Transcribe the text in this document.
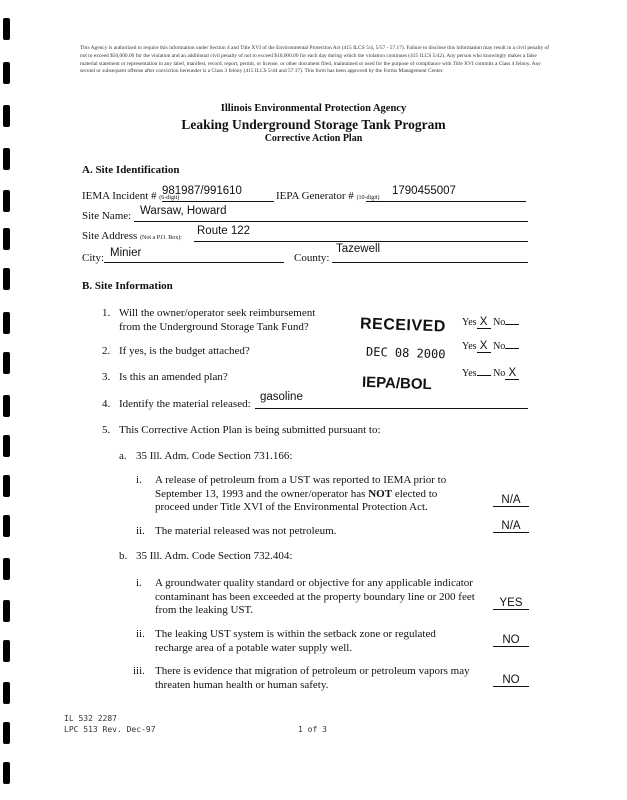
This Agency is authorized to require this information under Section 4 and Title XVI of the Environmental Protection Act (415 ILCS 5/4, 5/57 - 57.17). Failure to disclose this information may result in a civil penalty of not to exceed $50,000.00 for the violation and an additional civil penalty of not to exceed $10,000.00 for each day during which the violation continues (415 ILCS 5/42). Any person who knowingly makes a false material statement or representation in any label, manifest, record, report, permit, or license, or other document filed, maintained or used for the purpose of compliance with Title XVI commits a Class 4 felony. Any second or subsequent offense after conviction hereunder is a Class 3 felony (415 ILCS 5/44 and 57.17). This form has been approved by the Forms Management Center.
Illinois Environmental Protection Agency
Leaking Underground Storage Tank Program
Corrective Action Plan
A. Site Identification
IEMA Incident # (6-digit)
981987/991610	IEPA Generator # (10-digit)
1790455007
Site Name: Warsaw, Howard
Site Address (Not a P.O. Box):
Route 122
City: Minier	County:
Tazewell
B. Site Information
1. Will the owner/operator seek reimbursement from the Underground Storage Tank Fund?	Yes X No
2. If yes, is the budget attached?	Yes X No
3. Is this an amended plan?	Yes No X
4. Identify the material released:
gasoline
5. This Corrective Action Plan is being submitted pursuant to:
a. 35 Ill. Adm. Code Section 731.166:
i. A release of petroleum from a UST was reported to IEMA prior to September 13, 1993 and the owner/operator has NOT elected to proceed under Title XVI of the Environmental Protection Act.
N/A
ii. The material released was not petroleum.	N/A
b. 35 Ill. Adm. Code Section 732.404:
i. A groundwater quality standard or objective for any applicable indicator contaminant has been exceeded at the property boundary line or 200 feet from the leaking UST.
YES
ii. The leaking UST system is within the setback zone or regulated recharge area of a potable water supply well.
NO
iii. There is evidence that migration of petroleum or petroleum vapors may threaten human health or human safety.	NO
RECEIVED
DEC 08 2000
IEPA/BOL
IL 532 2287
LPC 513 Rev. Dec-97	1 of 3
